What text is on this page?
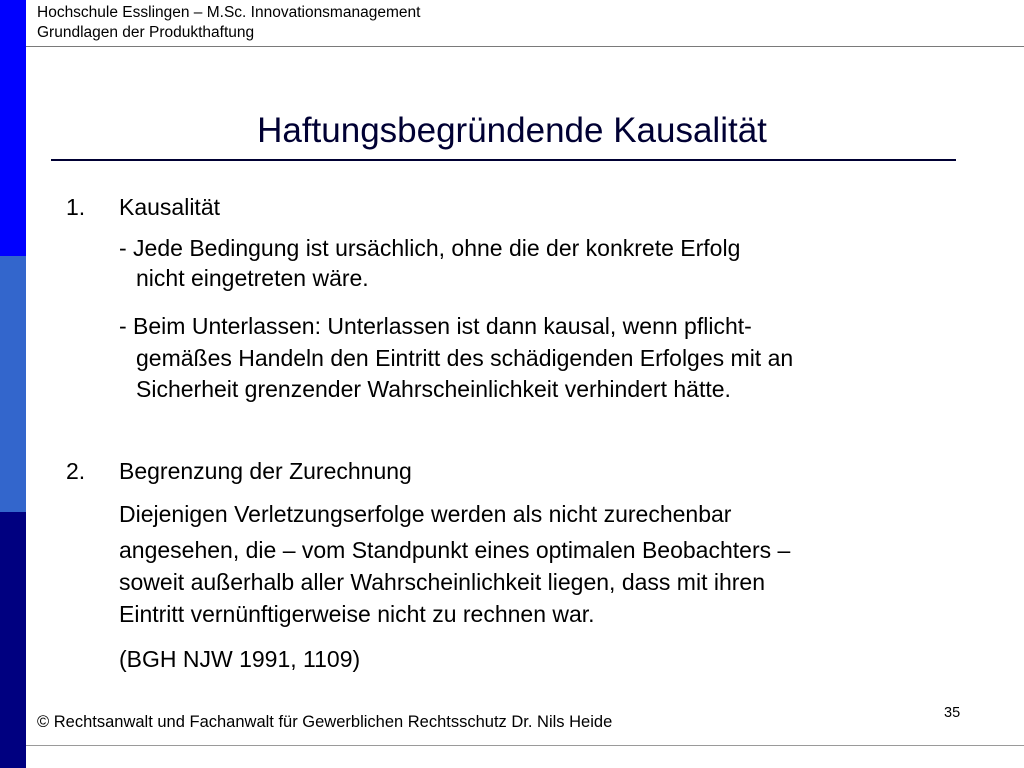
Hochschule Esslingen – M.Sc. Innovationsmanagement
Grundlagen der Produkthaftung
Haftungsbegründende Kausalität
1. Kausalität
- Jede Bedingung ist ursächlich, ohne die der konkrete Erfolg
nicht eingetreten wäre.
- Beim Unterlassen: Unterlassen ist dann kausal, wenn pflicht-
gemäßes Handeln den Eintritt des schädigenden Erfolges mit an
Sicherheit grenzender Wahrscheinlichkeit verhindert hätte.
2. Begrenzung der Zurechnung
Diejenigen Verletzungserfolge werden als nicht zurechenbar
angesehen, die – vom Standpunkt eines optimalen Beobachters –
soweit außerhalb aller Wahrscheinlichkeit liegen, dass mit ihren
Eintritt vernünftigerweise nicht zu rechnen war.
(BGH NJW 1991, 1109)
35
© Rechtsanwalt und Fachanwalt für Gewerblichen Rechtsschutz Dr. Nils Heide
